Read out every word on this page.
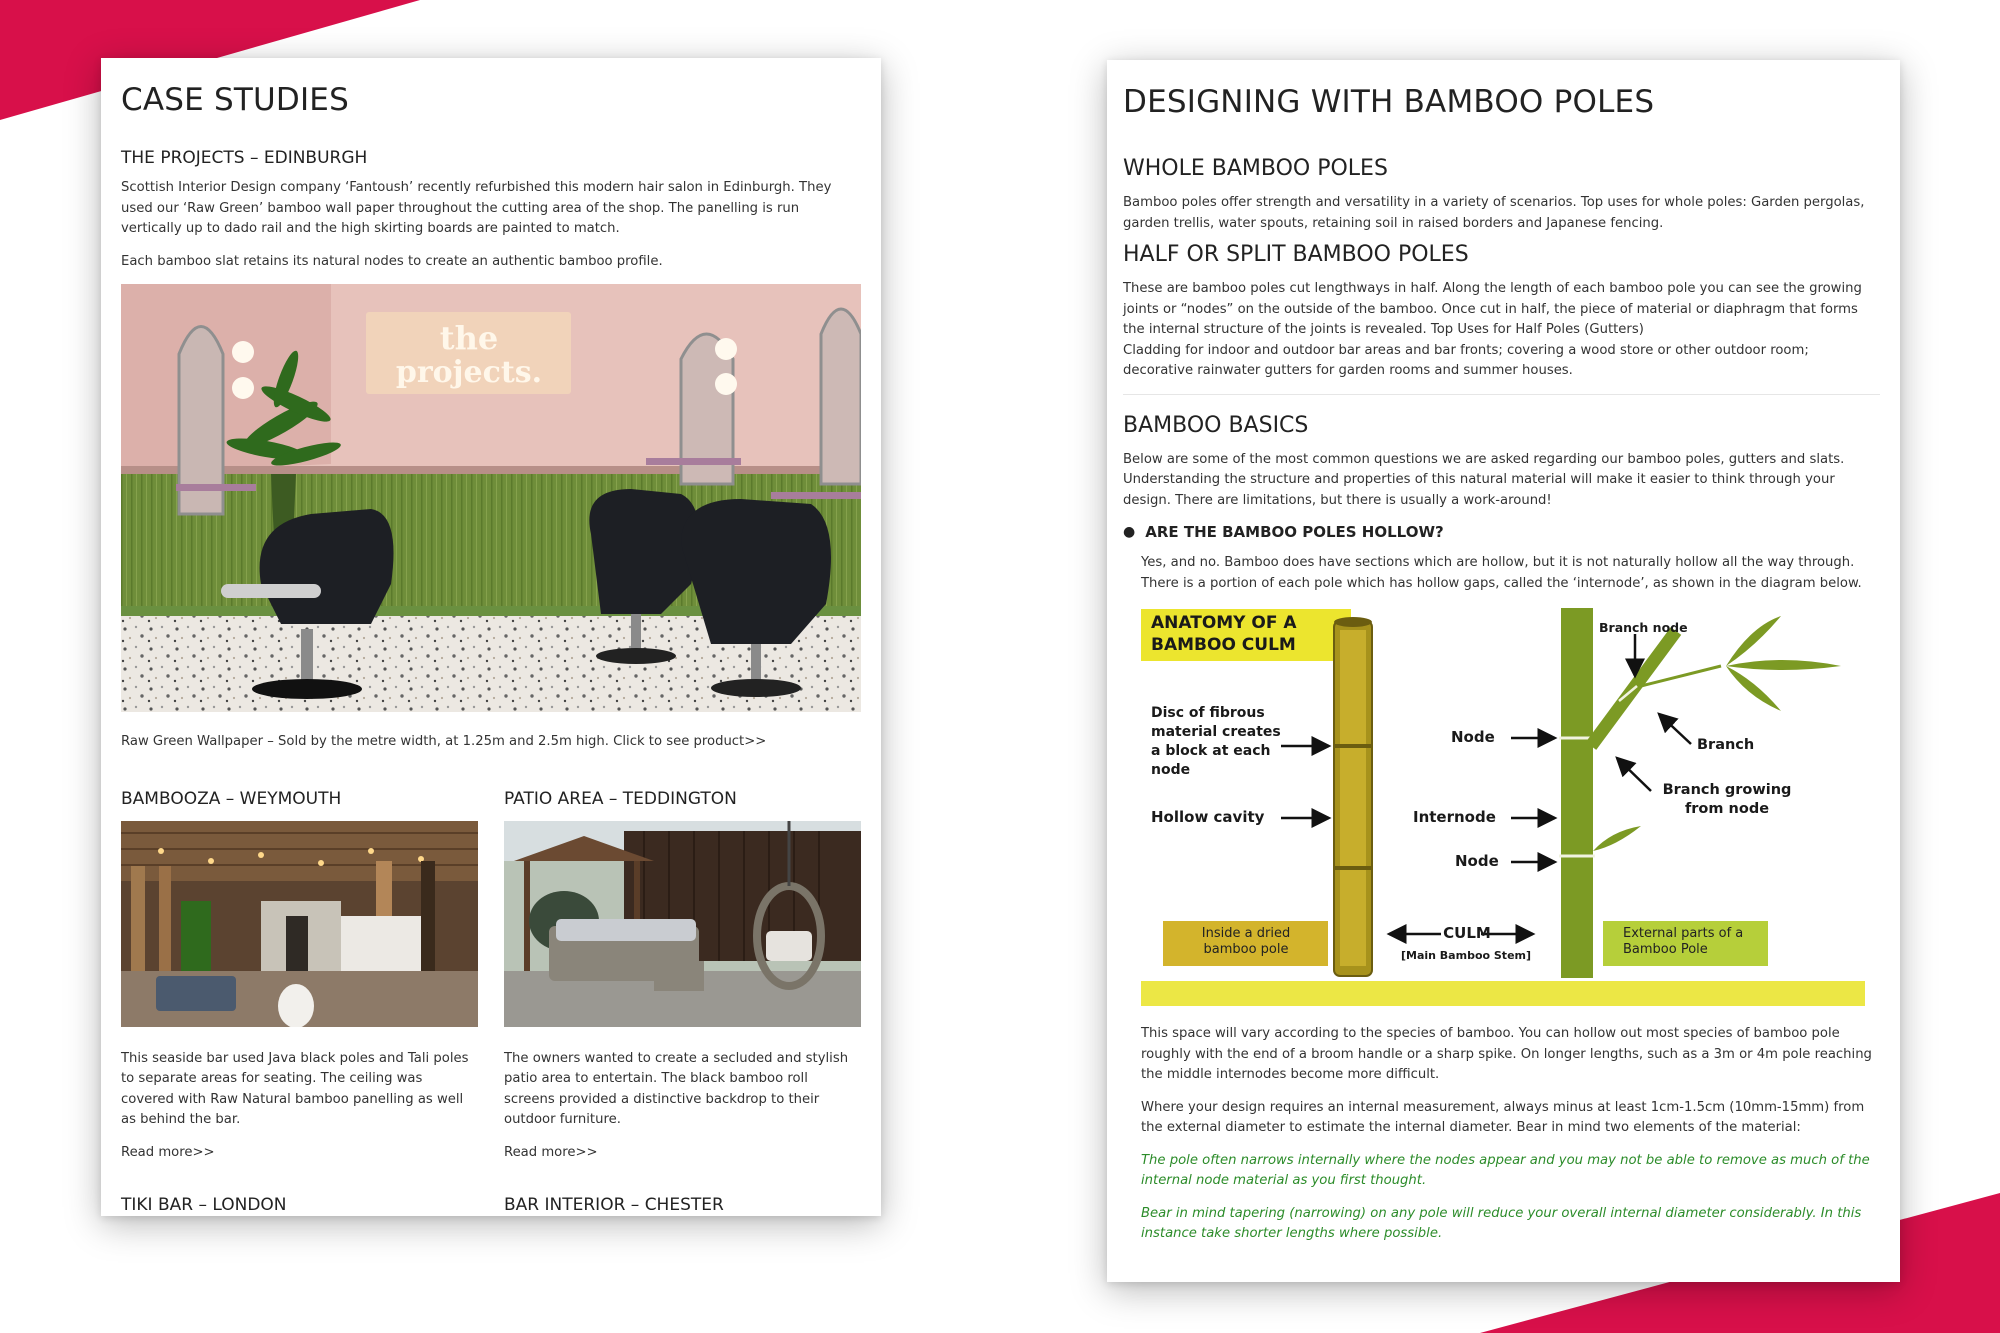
CASE STUDIES
THE PROJECTS – EDINBURGH

Scottish Interior Design company ‘Fantoush’ recently refurbished this modern hair salon in Edinburgh. They used our ‘Raw Green’ bamboo wall paper throughout the cutting area of the shop. The panelling is run vertically up to dado rail and the high skirting boards are painted to match.

Each bamboo slat retains its natural nodes to create an authentic bamboo profile.

the
projects.

Raw Green Wallpaper – Sold by the metre width, at 1.25m and 2.5m high. Click to see product>>

BAMBOOZA – WEYMOUTH

This seaside bar used Java black poles and Tali poles to separate areas for seating. The ceiling was covered with Raw Natural bamboo panelling as well as behind the bar.

Read more>>

PATIO AREA – TEDDINGTON

The owners wanted to create a secluded and stylish patio area to entertain. The black bamboo roll screens provided a distinctive backdrop to their outdoor furniture.

Read more>>

TIKI BAR – LONDON	BAR INTERIOR – CHESTER
DESIGNING WITH BAMBOO POLES
WHOLE BAMBOO POLES

Bamboo poles offer strength and versatility in a variety of scenarios. Top uses for whole poles: Garden pergolas, garden trellis, water spouts, retaining soil in raised borders and Japanese fencing.

HALF OR SPLIT BAMBOO POLES

These are bamboo poles cut lengthways in half. Along the length of each bamboo pole you can see the growing joints or “nodes” on the outside of the bamboo. Once cut in half, the piece of material or diaphragm that forms the internal structure of the joints is revealed. Top Uses for Half Poles (Gutters)

Cladding for indoor and outdoor bar areas and bar fronts; covering a wood store or other outdoor room; decorative rainwater gutters for garden rooms and summer houses.

BAMBOO BASICS

Below are some of the most common questions we are asked regarding our bamboo poles, gutters and slats. Understanding the structure and properties of this natural material will make it easier to think through your design. There are limitations, but there is usually a work-around!

● ARE THE BAMBOO POLES HOLLOW?

Yes, and no. Bamboo does have sections which are hollow, but it is not naturally hollow all the way through. There is a portion of each pole which has hollow gaps, called the ‘internode’, as shown in the diagram below.

ANATOMY OF A
BAMBOO CULM
Disc of fibrous material creates a block at each node
Hollow cavity
Node
Internode
Node
Branch node
Branch
Branch growing from node
Inside a dried bamboo pole
CULM
[Main Bamboo Stem]
External parts of a Bamboo Pole

This space will vary according to the species of bamboo. You can hollow out most species of bamboo pole roughly with the end of a broom handle or a sharp spike. On longer lengths, such as a 3m or 4m pole reaching the middle internodes become more difficult.

Where your design requires an internal measurement, always minus at least 1cm-1.5cm (10mm-15mm) from the external diameter to estimate the internal diameter. Bear in mind two elements of the material:

The pole often narrows internally where the nodes appear and you may not be able to remove as much of the internal node material as you first thought.

Bear in mind tapering (narrowing) on any pole will reduce your overall internal diameter considerably. In this instance take shorter lengths where possible.
